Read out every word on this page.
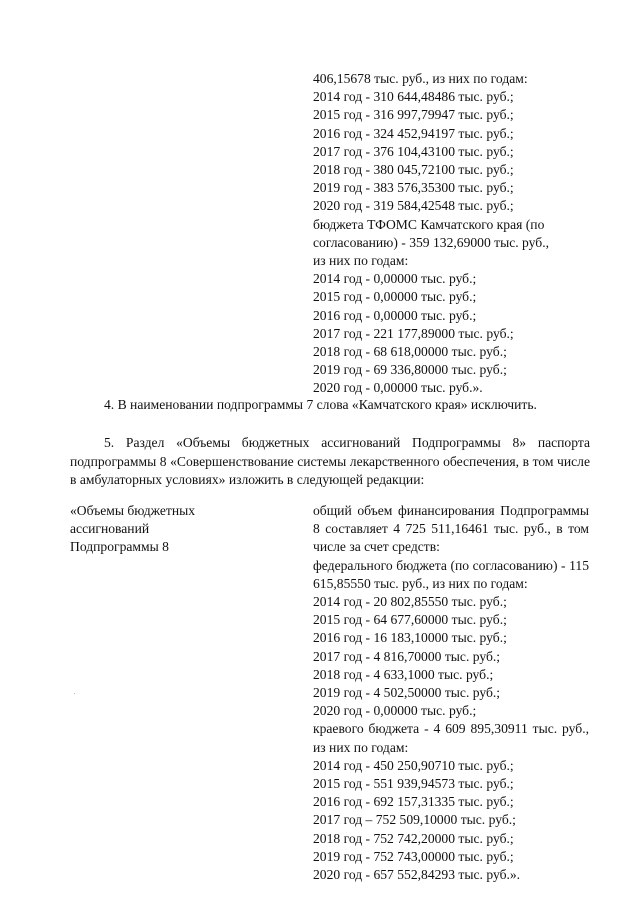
406,15678 тыс. руб., из них по годам:
2014 год - 310 644,48486 тыс. руб.;
2015 год - 316 997,79947 тыс. руб.;
2016 год - 324 452,94197 тыс. руб.;
2017 год - 376 104,43100 тыс. руб.;
2018 год - 380 045,72100 тыс. руб.;
2019 год - 383 576,35300 тыс. руб.;
2020 год - 319 584,42548 тыс. руб.;
бюджета ТФОМС Камчатского края (по
согласованию) - 359 132,69000 тыс. руб.,
из них по годам:
2014 год - 0,00000 тыс. руб.;
2015 год - 0,00000 тыс. руб.;
2016 год - 0,00000 тыс. руб.;
2017 год - 221 177,89000 тыс. руб.;
2018 год - 68 618,00000 тыс. руб.;
2019 год - 69 336,80000 тыс. руб.;
2020 год - 0,00000 тыс. руб.».

4. В наименовании подпрограммы 7 слова «Камчатского края» исключить.

5. Раздел «Объемы бюджетных ассигнований Подпрограммы 8» паспорта подпрограммы 8 «Совершенствование системы лекарственного обеспечения, в том числе в амбулаторных условиях» изложить в следующей редакции:

«Объемы бюджетных
ассигнований
Подпрограммы 8
общий объем финансирования Подпрограммы 8 составляет 4 725 511,16461 тыс. руб., в том числе за счет средств:
федерального бюджета (по согласованию) - 115 615,85550 тыс. руб., из них по годам:
2014 год - 20 802,85550 тыс. руб.;
2015 год - 64 677,60000 тыс. руб.;
2016 год - 16 183,10000 тыс. руб.;
2017 год - 4 816,70000 тыс. руб.;
2018 год - 4 633,1000 тыс. руб.;
2019 год - 4 502,50000 тыс. руб.;
2020 год - 0,00000 тыс. руб.;
краевого бюджета - 4 609 895,30911 тыс. руб., из них по годам:
2014 год - 450 250,90710 тыс. руб.;
2015 год - 551 939,94573 тыс. руб.;
2016 год - 692 157,31335 тыс. руб.;
2017 год – 752 509,10000 тыс. руб.;
2018 год - 752 742,20000 тыс. руб.;
2019 год - 752 743,00000 тыс. руб.;
2020 год - 657 552,84293 тыс. руб.».
